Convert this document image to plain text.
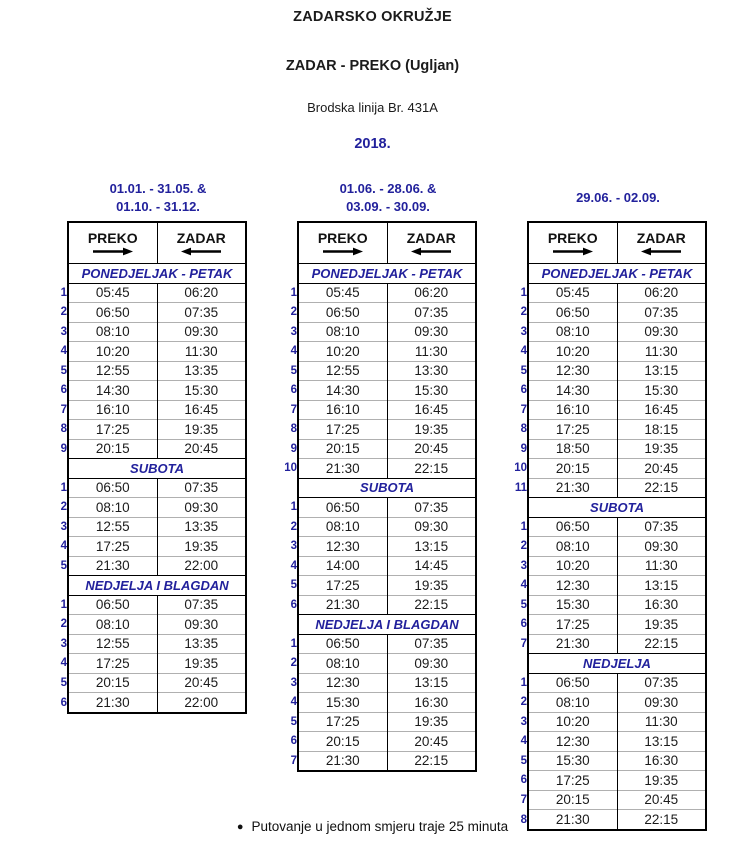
ZADARSKO OKRUŽJE
ZADAR - PREKO (Ugljan)
Brodska linija Br. 431A
2018.
01.01. - 31.05. &
01.10. - 31.12.

	PREKO	ZADAR

	PONEDJELJAK - PETAK	
1	05:45	06:20
2	06:50	07:35
3	08:10	09:30
4	10:20	11:30
5	12:55	13:35
6	14:30	15:30
7	16:10	16:45
8	17:25	19:35
9	20:15	20:45
	SUBOTA	
1	06:50	07:35
2	08:10	09:30
3	12:55	13:35
4	17:25	19:35
5	21:30	22:00
	NEDJELJA I BLAGDAN	
1	06:50	07:35
2	08:10	09:30
3	12:55	13:35
4	17:25	19:35
5	20:15	20:45
6	21:30	22:00
01.06. - 28.06. &
03.09. - 30.09.

	PREKO	ZADAR

	PONEDJELJAK - PETAK	
1	05:45	06:20
2	06:50	07:35
3	08:10	09:30
4	10:20	11:30
5	12:55	13:30
6	14:30	15:30
7	16:10	16:45
8	17:25	19:35
9	20:15	20:45
10	21:30	22:15
	SUBOTA	
1	06:50	07:35
2	08:10	09:30
3	12:30	13:15
4	14:00	14:45
5	17:25	19:35
6	21:30	22:15
	NEDJELJA I BLAGDAN	
1	06:50	07:35
2	08:10	09:30
3	12:30	13:15
4	15:30	16:30
5	17:25	19:35
6	20:15	20:45
7	21:30	22:15
29.06. - 02.09.

	PREKO	ZADAR

	PONEDJELJAK - PETAK	
1	05:45	06:20
2	06:50	07:35
3	08:10	09:30
4	10:20	11:30
5	12:30	13:15
6	14:30	15:30
7	16:10	16:45
8	17:25	18:15
9	18:50	19:35
10	20:15	20:45
11	21:30	22:15
	SUBOTA	
1	06:50	07:35
2	08:10	09:30
3	10:20	11:30
4	12:30	13:15
5	15:30	16:30
6	17:25	19:35
7	21:30	22:15
	NEDJELJA	
1	06:50	07:35
2	08:10	09:30
3	10:20	11:30
4	12:30	13:15
5	15:30	16:30
6	17:25	19:35
7	20:15	20:45
8	21:30	22:15
● Putovanje u jednom smjeru traje 25 minuta
